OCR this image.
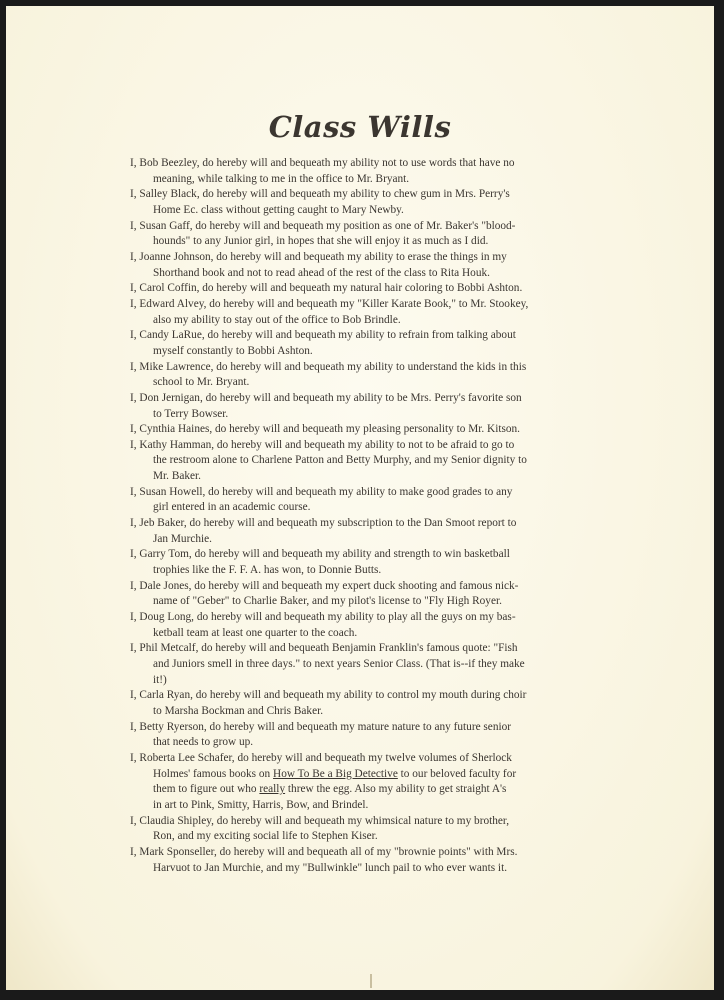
Class Wills
I, Bob Beezley, do hereby will and bequeath my ability not to use words that have no
meaning, while talking to me in the office to Mr. Bryant.
I, Salley Black, do hereby will and bequeath my ability to chew gum in Mrs. Perry's
Home Ec. class without getting caught to Mary Newby.
I, Susan Gaff, do hereby will and bequeath my position as one of Mr. Baker's "blood-
hounds" to any Junior girl, in hopes that she will enjoy it as much as I did.
I, Joanne Johnson, do hereby will and bequeath my ability to erase the things in my
Shorthand book and not to read ahead of the rest of the class to Rita Houk.
I, Carol Coffin, do hereby will and bequeath my natural hair coloring to Bobbi Ashton.
I, Edward Alvey, do hereby will and bequeath my "Killer Karate Book," to Mr. Stookey,
also my ability to stay out of the office to Bob Brindle.
I, Candy LaRue, do hereby will and bequeath my ability to refrain from talking about
myself constantly to Bobbi Ashton.
I, Mike Lawrence, do hereby will and bequeath my ability to understand the kids in this
school to Mr. Bryant.
I, Don Jernigan, do hereby will and bequeath my ability to be Mrs. Perry's favorite son
to Terry Bowser.
I, Cynthia Haines, do hereby will and bequeath my pleasing personality to Mr. Kitson.
I, Kathy Hamman, do hereby will and bequeath my ability to not to be afraid to go to
the restroom alone to Charlene Patton and Betty Murphy, and my Senior dignity to
Mr. Baker.
I, Susan Howell, do hereby will and bequeath my ability to make good grades to any
girl entered in an academic course.
I, Jeb Baker, do hereby will and bequeath my subscription to the Dan Smoot report to
Jan Murchie.
I, Garry Tom, do hereby will and bequeath my ability and strength to win basketball
trophies like the F. F. A. has won, to Donnie Butts.
I, Dale Jones, do hereby will and bequeath my expert duck shooting and famous nick-
name of "Geber" to Charlie Baker, and my pilot's license to "Fly High Royer.
I, Doug Long, do hereby will and bequeath my ability to play all the guys on my bas-
ketball team at least one quarter to the coach.
I, Phil Metcalf, do hereby will and bequeath Benjamin Franklin's famous quote: "Fish
and Juniors smell in three days." to next years Senior Class. (That is--if they make
it!)
I, Carla Ryan, do hereby will and bequeath my ability to control my mouth during choir
to Marsha Bockman and Chris Baker.
I, Betty Ryerson, do hereby will and bequeath my mature nature to any future senior
that needs to grow up.
I, Roberta Lee Schafer, do hereby will and bequeath my twelve volumes of Sherlock
Holmes' famous books on How To Be a Big Detective to our beloved faculty for
them to figure out who really threw the egg. Also my ability to get straight A's
in art to Pink, Smitty, Harris, Bow, and Brindel.
I, Claudia Shipley, do hereby will and bequeath my whimsical nature to my brother,
Ron, and my exciting social life to Stephen Kiser.
I, Mark Sponseller, do hereby will and bequeath all of my "brownie points" with Mrs.
Harvuot to Jan Murchie, and my "Bullwinkle" lunch pail to who ever wants it.
